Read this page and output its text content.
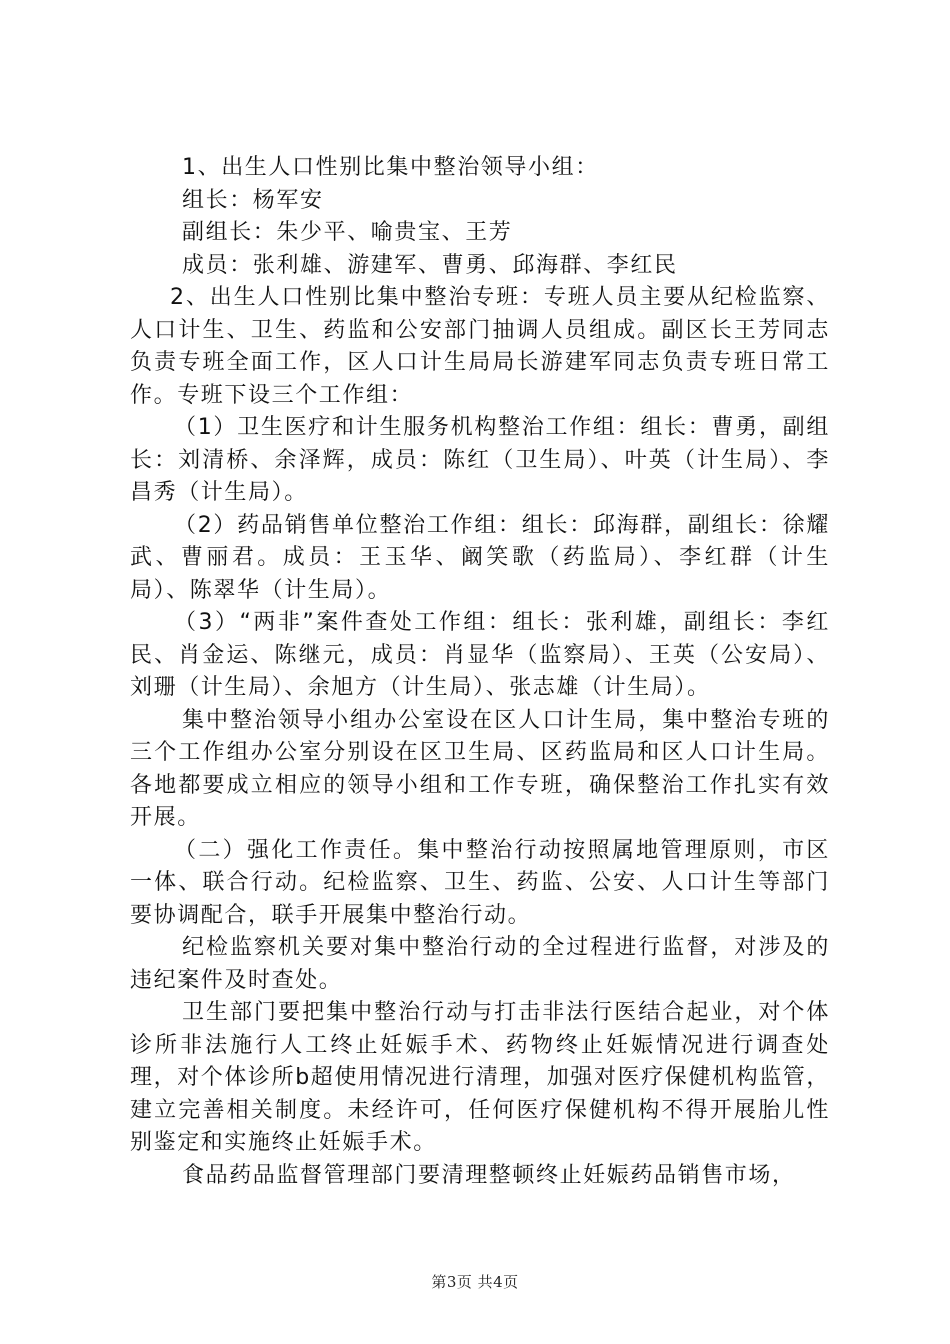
1、出生人口性别比集中整治领导小组：

组长：杨军安

副组长：朱少平、喻贵宝、王芳

成员：张利雄、游建军、曹勇、邱海群、李红民

2、出生人口性别比集中整治专班：专班人员主要从纪检监察、人口计生、卫生、药监和公安部门抽调人员组成。副区长王芳同志负责专班全面工作，区人口计生局局长游建军同志负责专班日常工作。专班下设三个工作组：

（1）卫生医疗和计生服务机构整治工作组：组长：曹勇，副组长：刘清桥、余泽辉，成员：陈红（卫生局）、叶英（计生局）、李昌秀（计生局）。

（2）药品销售单位整治工作组：组长：邱海群，副组长：徐耀武、曹丽君。成员：王玉华、阚笑歌（药监局）、李红群（计生局）、陈翠华（计生局）。

（3）“两非”案件查处工作组：组长：张利雄，副组长：李红民、肖金运、陈继元，成员：肖显华（监察局）、王英（公安局）、刘珊（计生局）、余旭方（计生局）、张志雄（计生局）。

集中整治领导小组办公室设在区人口计生局，集中整治专班的三个工作组办公室分别设在区卫生局、区药监局和区人口计生局。各地都要成立相应的领导小组和工作专班，确保整治工作扎实有效开展。

（二）强化工作责任。集中整治行动按照属地管理原则，市区一体、联合行动。纪检监察、卫生、药监、公安、人口计生等部门要协调配合，联手开展集中整治行动。

纪检监察机关要对集中整治行动的全过程进行监督，对涉及的违纪案件及时查处。

卫生部门要把集中整治行动与打击非法行医结合起业，对个体诊所非法施行人工终止妊娠手术、药物终止妊娠情况进行调查处理，对个体诊所b超使用情况进行清理，加强对医疗保健机构监管，建立完善相关制度。未经许可，任何医疗保健机构不得开展胎儿性别鉴定和实施终止妊娠手术。

食品药品监督管理部门要清理整顿终止妊娠药品销售市场，

第3页 共4页
